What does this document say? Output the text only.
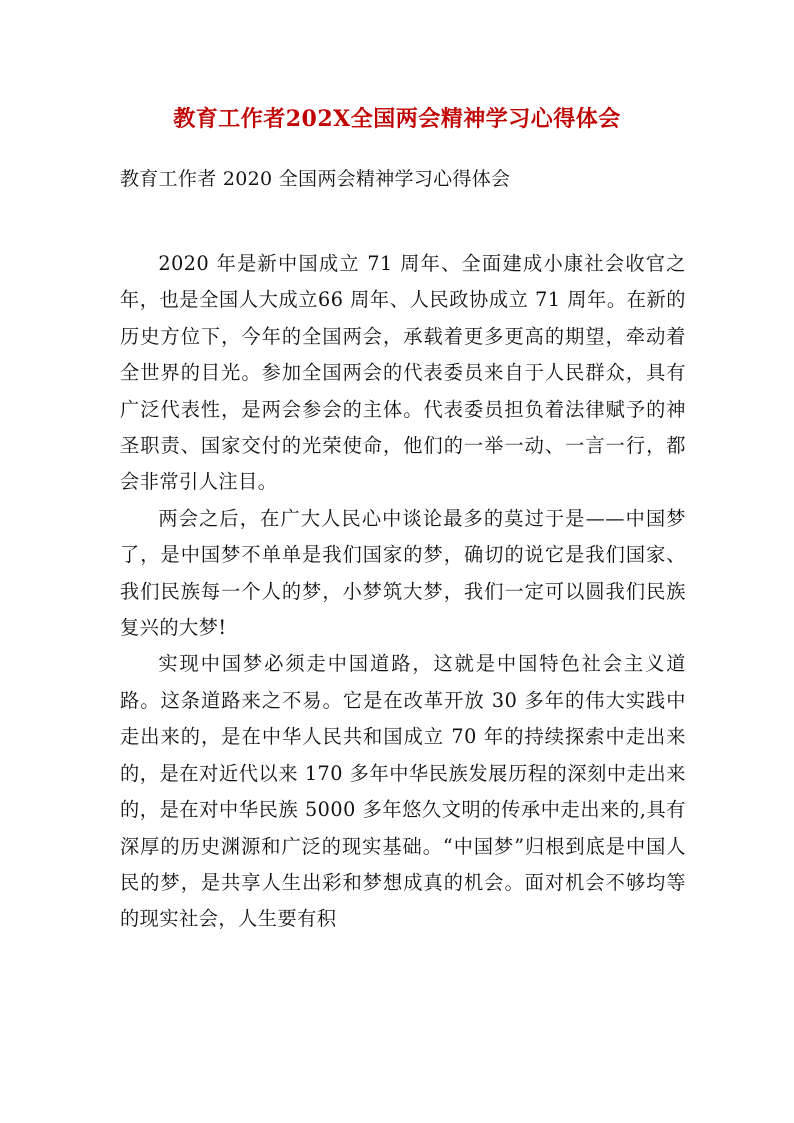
教育工作者202X全国两会精神学习心得体会
教育工作者 2020 全国两会精神学习心得体会

2020 年是新中国成立 71 周年、全面建成小康社会收官之年，也是全国人大成立66 周年、人民政协成立 71 周年。在新的历史方位下，今年的全国两会，承载着更多更高的期望，牵动着全世界的目光。参加全国两会的代表委员来自于人民群众，具有广泛代表性，是两会参会的主体。代表委员担负着法律赋予的神圣职责、国家交付的光荣使命，他们的一举一动、一言一行，都会非常引人注目。

两会之后，在广大人民心中谈论最多的莫过于是——中国梦了，是中国梦不单单是我们国家的梦，确切的说它是我们国家、我们民族每一个人的梦，小梦筑大梦，我们一定可以圆我们民族复兴的大梦!

实现中国梦必须走中国道路，这就是中国特色社会主义道路。这条道路来之不易。它是在改革开放 30 多年的伟大实践中走出来的，是在中华人民共和国成立 70 年的持续探索中走出来的，是在对近代以来 170 多年中华民族发展历程的深刻中走出来的，是在对中华民族 5000 多年悠久文明的传承中走出来的,具有深厚的历史渊源和广泛的现实基础。“中国梦”归根到底是中国人民的梦，是共享人生出彩和梦想成真的机会。面对机会不够均等的现实社会，人生要有积
